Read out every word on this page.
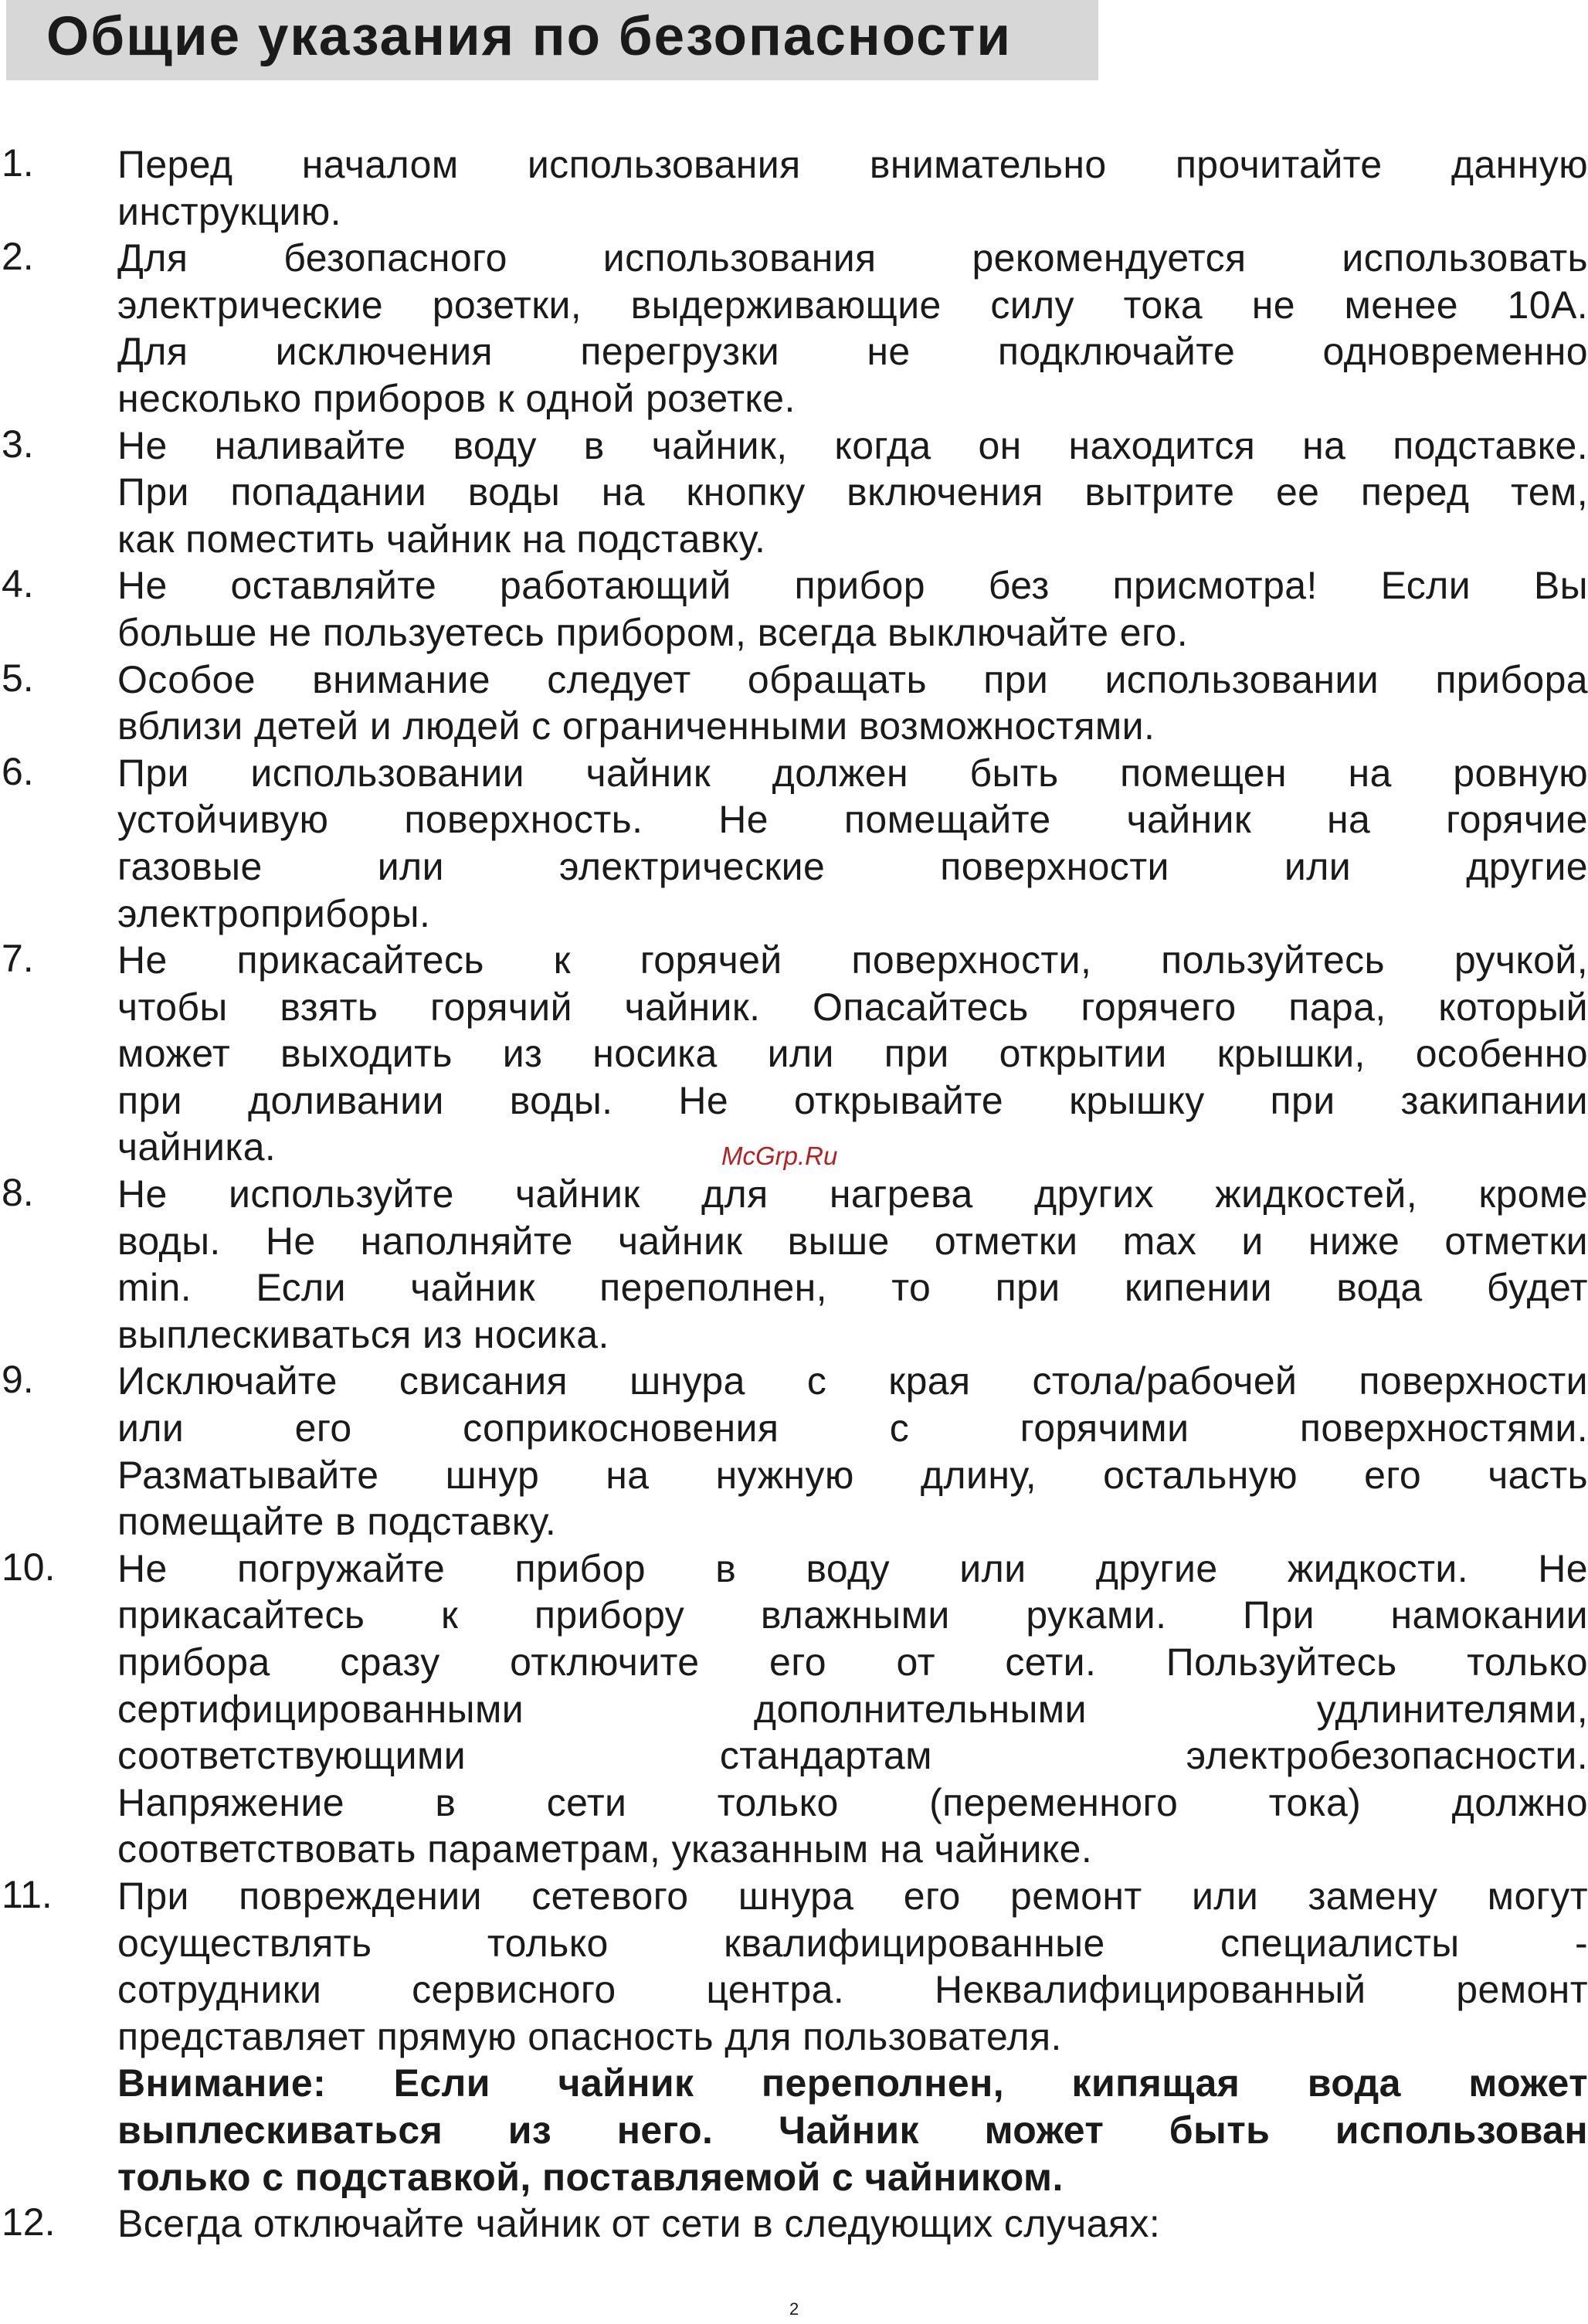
Общие указания по безопасности
1. Перед началом использования внимательно прочитайте данную
инструкцию.
2. Для безопасного использования рекомендуется использовать
электрические розетки, выдерживающие силу тока не менее 10А.
Для исключения перегрузки не подключайте одновременно
несколько приборов к одной розетке.
3. Не наливайте воду в чайник, когда он находится на подставке.
При попадании воды на кнопку включения вытрите ее перед тем,
как поместить чайник на подставку.
4. Не оставляйте работающий прибор без присмотра! Если Вы
больше не пользуетесь прибором, всегда выключайте его.
5. Особое внимание следует обращать при использовании прибора
вблизи детей и людей с ограниченными возможностями.
6. При использовании чайник должен быть помещен на ровную
устойчивую поверхность. Не помещайте чайник на горячие
газовые или электрические поверхности или другие
электроприборы.
7. Не прикасайтесь к горячей поверхности, пользуйтесь ручкой,
чтобы взять горячий чайник. Опасайтесь горячего пара, который
может выходить из носика или при открытии крышки, особенно
при доливании воды. Не открывайте крышку при закипании
чайника.
8. Не используйте чайник для нагрева других жидкостей, кроме
воды. Не наполняйте чайник выше отметки max и ниже отметки
min. Если чайник переполнен, то при кипении вода будет
выплескиваться из носика.
9. Исключайте свисания шнура с края стола/рабочей поверхности
или его соприкосновения с горячими поверхностями.
Разматывайте шнур на нужную длину, остальную его часть
помещайте в подставку.
10. Не погружайте прибор в воду или другие жидкости. Не
прикасайтесь к прибору влажными руками. При намокании
прибора сразу отключите его от сети. Пользуйтесь только
сертифицированными дополнительными удлинителями,
соответствующими стандартам электробезопасности.
Напряжение в сети только (переменного тока) должно
соответствовать параметрам, указанным на чайнике.
11. При повреждении сетевого шнура его ремонт или замену могут
осуществлять только квалифицированные специалисты -
сотрудники сервисного центра. Неквалифицированный ремонт
представляет прямую опасность для пользователя.
Внимание: Если чайник переполнен, кипящая вода может
выплескиваться из него. Чайник может быть использован
только с подставкой, поставляемой с чайником.
12. Всегда отключайте чайник от сети в следующих случаях:
McGrp.Ru
2
